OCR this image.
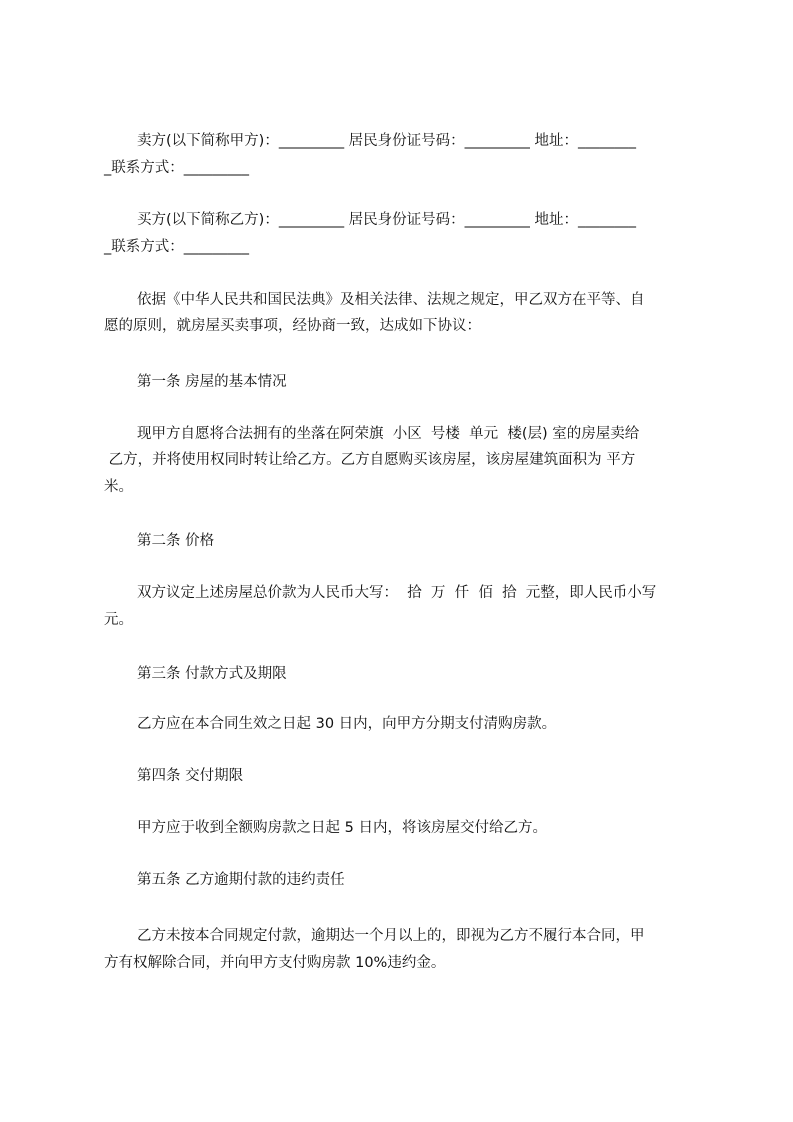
卖方(以下简称甲方)：_________ 居民身份证号码：_________ 地址：________
_联系方式：_________
买方(以下简称乙方)：_________ 居民身份证号码：_________ 地址：________
_联系方式：_________
依据《中华人民共和国民法典》及相关法律、法规之规定，甲乙双方在平等、自
愿的原则，就房屋买卖事项，经协商一致，达成如下协议：
第一条 房屋的基本情况
现甲方自愿将合法拥有的坐落在阿荣旗  小区  号楼  单元  楼(层) 室的房屋卖给
乙方，并将使用权同时转让给乙方。乙方自愿购买该房屋，该房屋建筑面积为 平方
米。
第二条 价格
双方议定上述房屋总价款为人民币大写：  拾  万  仟  佰  拾  元整，即人民币小写
元。
第三条 付款方式及期限
乙方应在本合同生效之日起 30 日内，向甲方分期支付清购房款。
第四条 交付期限
甲方应于收到全额购房款之日起 5 日内，将该房屋交付给乙方。
第五条 乙方逾期付款的违约责任
乙方未按本合同规定付款，逾期达一个月以上的，即视为乙方不履行本合同，甲
方有权解除合同，并向甲方支付购房款 10%违约金。
